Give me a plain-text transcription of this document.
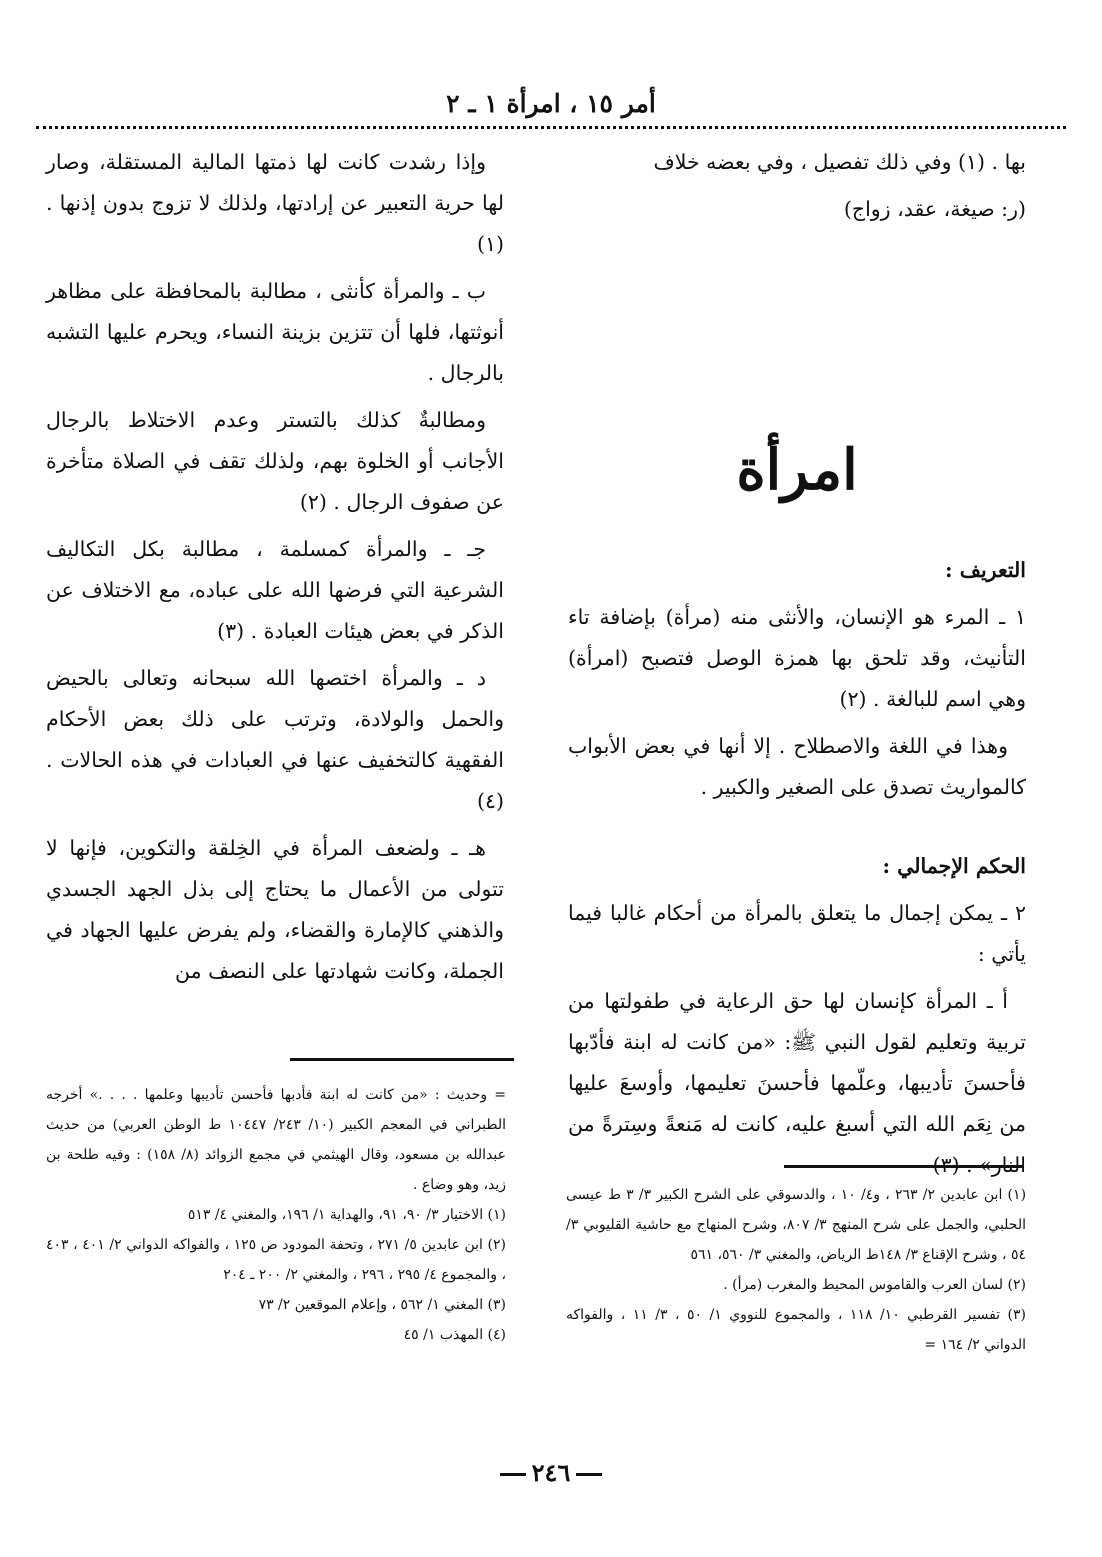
أمر ١٥ ، امرأة ١ ـ ٢

بها . (١) وفي ذلك تفصيل ، وفي بعضه خلاف

(ر: صيغة، عقد، زواج)

امرأة

التعريف :

١ ـ المرء هو الإنسان، والأنثى منه (مرأة) بإضافة تاء التأنيث، وقد تلحق بها همزة الوصل فتصبح (امرأة) وهي اسم للبالغة . (٢)

وهذا في اللغة والاصطلاح . إلا أنها في بعض الأبواب كالمواريث تصدق على الصغير والكبير .

الحكم الإجمالي :

٢ ـ يمكن إجمال ما يتعلق بالمرأة من أحكام غالبا فيما يأتي :

أ ـ المرأة كإنسان لها حق الرعاية في طفولتها من تربية وتعليم لقول النبي ﷺ: «من كانت له ابنة فأدّبها فأحسنَ تأديبها، وعلّمها فأحسنَ تعليمها، وأوسعَ عليها من نِعَم الله التي أسبغ عليه، كانت له مَنعةً وسِترةً من النار» . (٣)

وإذا رشدت كانت لها ذمتها المالية المستقلة، وصار لها حرية التعبير عن إرادتها، ولذلك لا تزوج بدون إذنها . (١)

ب ـ والمرأة كأنثى ، مطالبة بالمحافظة على مظاهر أنوثتها، فلها أن تتزين بزينة النساء، ويحرم عليها التشبه بالرجال .

ومطالبةٌ كذلك بالتستر وعدم الاختلاط بالرجال الأجانب أو الخلوة بهم، ولذلك تقف في الصلاة متأخرة عن صفوف الرجال . (٢)

جـ ـ والمرأة كمسلمة ، مطالبة بكل التكاليف الشرعية التي فرضها الله على عباده، مع الاختلاف عن الذكر في بعض هيئات العبادة . (٣)

د ـ والمرأة اختصها الله سبحانه وتعالى بالحيض والحمل والولادة، وترتب على ذلك بعض الأحكام الفقهية كالتخفيف عنها في العبادات في هذه الحالات . (٤)

هـ ـ ولضعف المرأة في الخِلقة والتكوين، فإنها لا تتولى من الأعمال ما يحتاج إلى بذل الجهد الجسدي والذهني كالإمارة والقضاء، ولم يفرض عليها الجهاد في الجملة، وكانت شهادتها على النصف من

(١) ابن عابدين ٢/ ٢٦٣ ، و٤/ ١٠ ، والدسوقي على الشرح الكبير ٣/ ٣ ط عيسى الحلبي، والجمل على شرح المنهج ٣/ ٨٠٧، وشرح المنهاج مع حاشية القليوبي ٣/ ٥٤ ، وشرح الإقناع ٣/ ١٤٨ط الرياض، والمغني ٣/ ٥٦٠، ٥٦١
(٢) لسان العرب والقاموس المحيط والمغرب (مرأ) .
(٣) تفسير القرطبي ١٠/ ١١٨ ، والمجموع للنووي ١/ ٥٠ ، ٣/ ١١ ، والفواكه الدواني ٢/ ١٦٤ =
= وحديث : «من كانت له ابنة فأدبها فأحسن تأديبها وعلمها . . . .» أخرجه الطبراني في المعجم الكبير (١٠/ ٢٤٣/ ١٠٤٤٧ ط الوطن العربي) من حديث عبدالله بن مسعود، وقال الهيثمي في مجمع الزوائد (٨/ ١٥٨) : وفيه طلحة بن زيد، وهو وضاع .
(١) الاختيار ٣/ ٩٠، ٩١، والهداية ١/ ١٩٦، والمغني ٤/ ٥١٣
(٢) ابن عابدين ٥/ ٢٧١ ، وتحفة المودود ص ١٢٥ ، والفواكه الدواني ٢/ ٤٠١ ، ٤٠٣ ، والمجموع ٤/ ٢٩٥ ، ٢٩٦ ، والمغني ٢/ ٢٠٠ ـ ٢٠٤
(٣) المغني ١/ ٥٦٢ ، وإعلام الموقعين ٢/ ٧٣
(٤) المهذب ١/ ٤٥
٢٤٦
